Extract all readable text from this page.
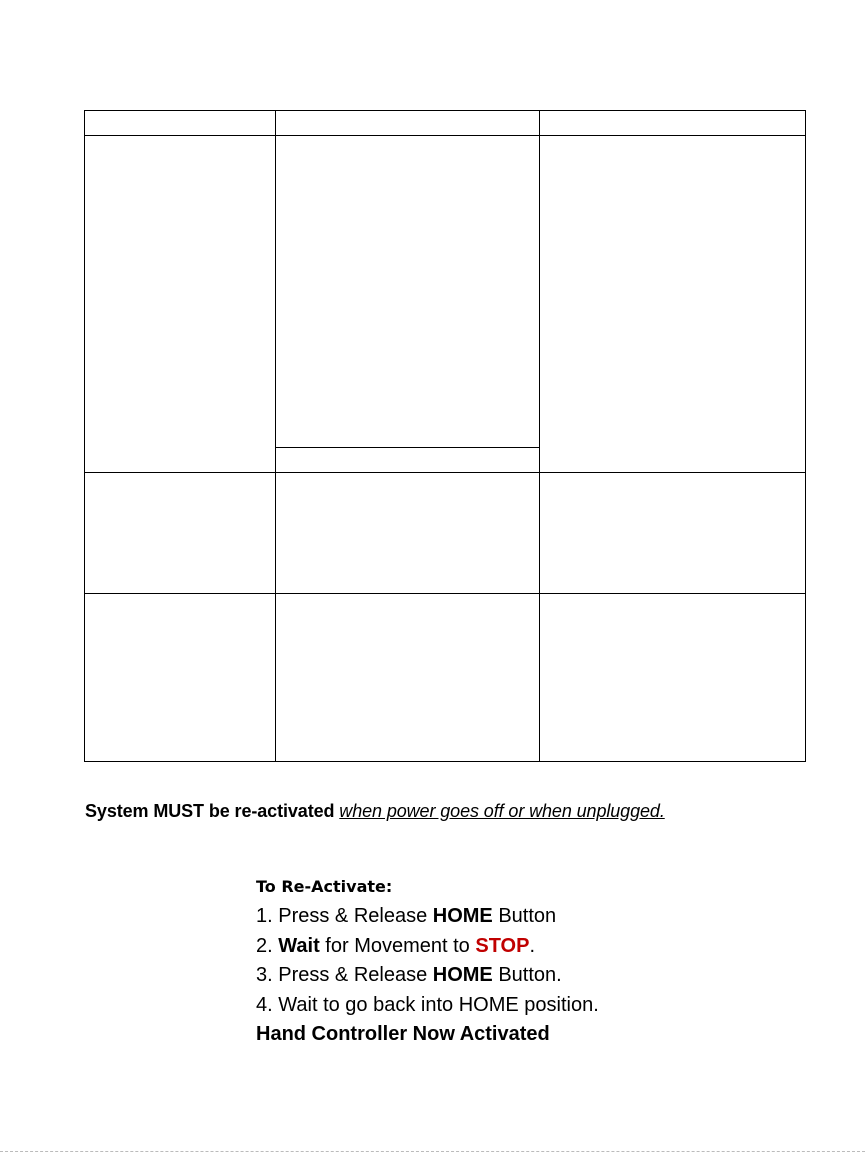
System MUST be re-activated when power goes off or when unplugged.
To Re-Activate:
1. Press & Release HOME Button
2. Wait for Movement to STOP.
3. Press & Release HOME Button.
4. Wait to go back into HOME position.
Hand Controller Now Activated
